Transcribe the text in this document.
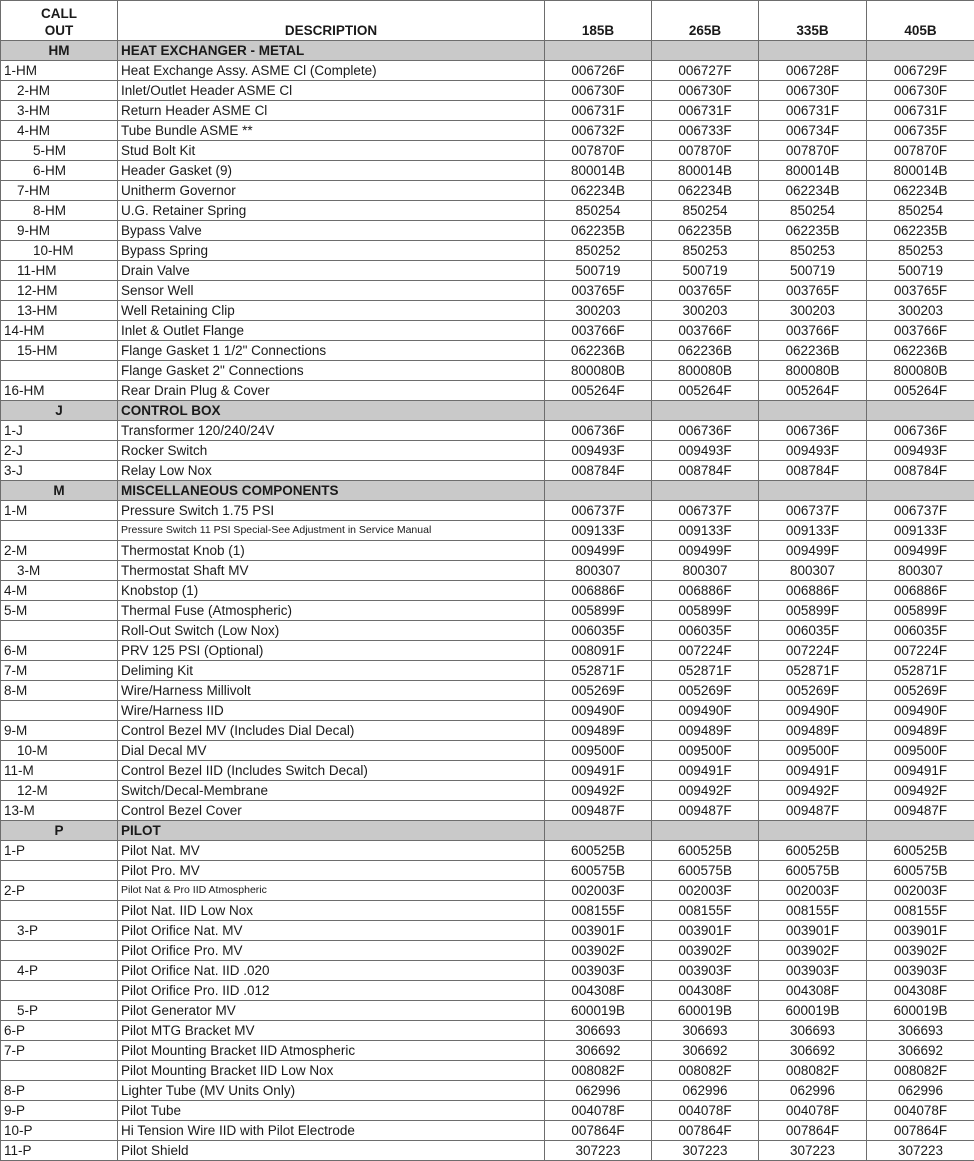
CALL
OUT	DESCRIPTION	185B	265B	335B	405B
HM	HEAT EXCHANGER - METAL				
1-HM	Heat Exchange Assy. ASME Cl (Complete)	006726F	006727F	006728F	006729F
2-HM	Inlet/Outlet Header ASME Cl	006730F	006730F	006730F	006730F
3-HM	Return Header ASME Cl	006731F	006731F	006731F	006731F
4-HM	Tube Bundle ASME **	006732F	006733F	006734F	006735F
5-HM	Stud Bolt Kit	007870F	007870F	007870F	007870F
6-HM	Header Gasket (9)	800014B	800014B	800014B	800014B
7-HM	Unitherm Governor	062234B	062234B	062234B	062234B
8-HM	U.G. Retainer Spring	850254	850254	850254	850254
9-HM	Bypass Valve	062235B	062235B	062235B	062235B
10-HM	Bypass Spring	850252	850253	850253	850253
11-HM	Drain Valve	500719	500719	500719	500719
12-HM	Sensor Well	003765F	003765F	003765F	003765F
13-HM	Well Retaining Clip	300203	300203	300203	300203
14-HM	Inlet & Outlet Flange	003766F	003766F	003766F	003766F
15-HM	Flange Gasket 1 1/2" Connections	062236B	062236B	062236B	062236B
	Flange Gasket 2" Connections	800080B	800080B	800080B	800080B
16-HM	Rear Drain Plug & Cover	005264F	005264F	005264F	005264F
J	CONTROL BOX				
1-J	Transformer 120/240/24V	006736F	006736F	006736F	006736F
2-J	Rocker Switch	009493F	009493F	009493F	009493F
3-J	Relay Low Nox	008784F	008784F	008784F	008784F
M	MISCELLANEOUS COMPONENTS				
1-M	Pressure Switch 1.75 PSI	006737F	006737F	006737F	006737F
	Pressure Switch 11 PSI Special-See Adjustment in Service Manual	009133F	009133F	009133F	009133F
2-M	Thermostat Knob (1)	009499F	009499F	009499F	009499F
3-M	Thermostat Shaft MV	800307	800307	800307	800307
4-M	Knobstop (1)	006886F	006886F	006886F	006886F
5-M	Thermal Fuse (Atmospheric)	005899F	005899F	005899F	005899F
	Roll-Out Switch (Low Nox)	006035F	006035F	006035F	006035F
6-M	PRV 125 PSI (Optional)	008091F	007224F	007224F	007224F
7-M	Deliming Kit	052871F	052871F	052871F	052871F
8-M	Wire/Harness Millivolt	005269F	005269F	005269F	005269F
	Wire/Harness IID	009490F	009490F	009490F	009490F
9-M	Control Bezel MV (Includes Dial Decal)	009489F	009489F	009489F	009489F
10-M	Dial Decal MV	009500F	009500F	009500F	009500F
11-M	Control Bezel IID (Includes Switch Decal)	009491F	009491F	009491F	009491F
12-M	Switch/Decal-Membrane	009492F	009492F	009492F	009492F
13-M	Control Bezel Cover	009487F	009487F	009487F	009487F
P	PILOT				
1-P	Pilot Nat. MV	600525B	600525B	600525B	600525B
	Pilot Pro. MV	600575B	600575B	600575B	600575B
2-P	Pilot Nat & Pro IID Atmospheric	002003F	002003F	002003F	002003F
	Pilot Nat. IID Low Nox	008155F	008155F	008155F	008155F
3-P	Pilot Orifice Nat. MV	003901F	003901F	003901F	003901F
	Pilot Orifice Pro. MV	003902F	003902F	003902F	003902F
4-P	Pilot Orifice Nat. IID .020	003903F	003903F	003903F	003903F
	Pilot Orifice Pro. IID .012	004308F	004308F	004308F	004308F
5-P	Pilot Generator MV	600019B	600019B	600019B	600019B
6-P	Pilot MTG Bracket MV	306693	306693	306693	306693
7-P	Pilot Mounting Bracket IID Atmospheric	306692	306692	306692	306692
	Pilot Mounting Bracket IID Low Nox	008082F	008082F	008082F	008082F
8-P	Lighter Tube (MV Units Only)	062996	062996	062996	062996
9-P	Pilot Tube	004078F	004078F	004078F	004078F
10-P	Hi Tension Wire IID with Pilot Electrode	007864F	007864F	007864F	007864F
11-P	Pilot Shield	307223	307223	307223	307223
